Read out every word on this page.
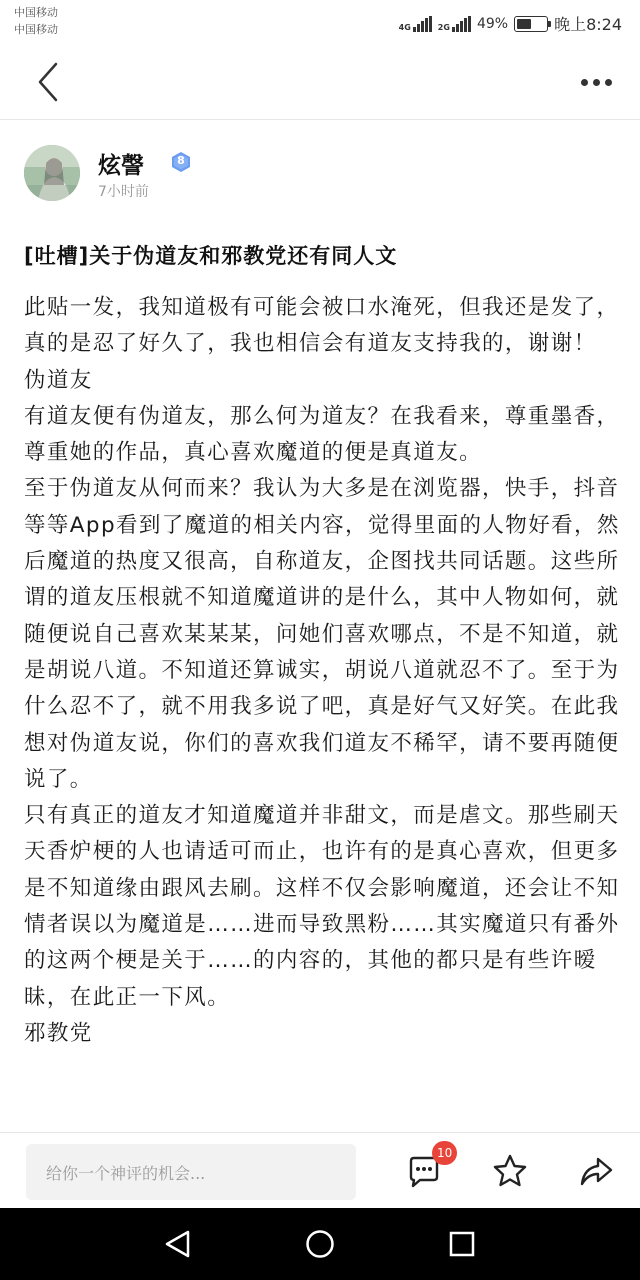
中国移动
中国移动	4G	2G 49%	晚上8:24
炫謦	8
7小时前
[吐槽]关于伪道友和邪教党还有同人文

此贴一发，我知道极有可能会被口水淹死，但我还是发了，真的是忍了好久了，我也相信会有道友支持我的，谢谢！

伪道友

有道友便有伪道友，那么何为道友？在我看来，尊重墨香，尊重她的作品，真心喜欢魔道的便是真道友。

至于伪道友从何而来？我认为大多是在浏览器，快手，抖音等等App看到了魔道的相关内容，觉得里面的人物好看，然后魔道的热度又很高，自称道友，企图找共同话题。这些所谓的道友压根就不知道魔道讲的是什么，其中人物如何，就随便说自己喜欢某某某，问她们喜欢哪点，不是不知道，就是胡说八道。不知道还算诚实，胡说八道就忍不了。至于为什么忍不了，就不用我多说了吧，真是好气又好笑。在此我想对伪道友说，你们的喜欢我们道友不稀罕，请不要再随便说了。

只有真正的道友才知道魔道并非甜文，而是虐文。那些刷天天香炉梗的人也请适可而止，也许有的是真心喜欢，但更多是不知道缘由跟风去刷。这样不仅会影响魔道，还会让不知情者误以为魔道是……进而导致黑粉……其实魔道只有番外的这两个梗是关于……的内容的，其他的都只是有些许暧昧，在此正一下风。

邪教党

给你一个神评的机会...
10
